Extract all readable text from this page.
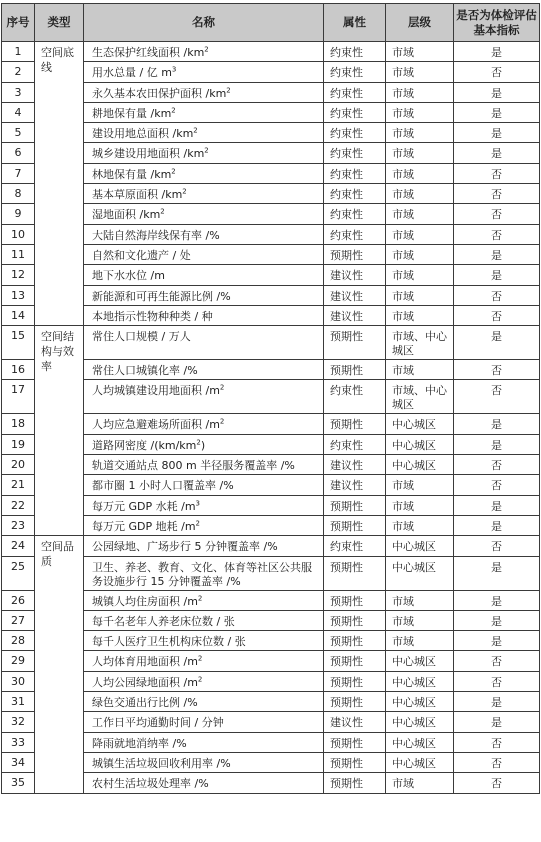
序号	类型	名称	属性	层级	是否为体检评估基本指标
1	空间底线	生态保护红线面积 $/km^2$	约束性	市域	是
2		用水总量 / 亿 $m^3$	约束性	市域	否
3		永久基本农田保护面积 $/km^2$	约束性	市域	是
4		耕地保有量 $/km^2$	约束性	市域	是
5		建设用地总面积 $/km^2$	约束性	市域	是
6		城乡建设用地面积 $/km^2$	约束性	市域	是
7		林地保有量 $/km^2$	约束性	市域	否
8		基本草原面积 $/km^2$	约束性	市域	否
9		湿地面积 $/km^2$	约束性	市域	否
10		大陆自然海岸线保有率 /%	约束性	市域	否
11		自然和文化遗产 / 处	预期性	市域	是
12		地下水水位 /m	建议性	市域	是
13		新能源和可再生能源比例 /%	建议性	市域	否
14		本地指示性物种种类 / 种	建议性	市域	否
15	空间结构与效率	常住人口规模 / 万人	预期性	市域、中心城区	是
16		常住人口城镇化率 /%	预期性	市域	否
17		人均城镇建设用地面积 $/m^2$	约束性	市域、中心城区	否
18		人均应急避难场所面积 $/m^2$	预期性	中心城区	是
19		道路网密度 $/(km/km^2)$	约束性	中心城区	是
20		轨道交通站点 800 m 半径服务覆盖率 /%	建议性	中心城区	否
21		都市圈 1 小时人口覆盖率 /%	建议性	市域	否
22		每万元 GDP 水耗 $/m^3$	预期性	市域	是
23		每万元 GDP 地耗 $/m^2$	预期性	市域	是
24	空间品质	公园绿地、广场步行 5 分钟覆盖率 /%	约束性	中心城区	否
25		卫生、养老、教育、文化、体育等社区公共服务设施步行 15 分钟覆盖率 /%	预期性	中心城区	是
26		城镇人均住房面积 $/m^2$	预期性	市域	是
27		每千名老年人养老床位数 / 张	预期性	市域	是
28		每千人医疗卫生机构床位数 / 张	预期性	市域	是
29		人均体育用地面积 $/m^2$	预期性	中心城区	否
30		人均公园绿地面积 $/m^2$	预期性	中心城区	否
31		绿色交通出行比例 /%	预期性	中心城区	是
32		工作日平均通勤时间 / 分钟	建议性	中心城区	是
33		降雨就地消纳率 /%	预期性	中心城区	否
34		城镇生活垃圾回收利用率 /%	预期性	中心城区	否
35		农村生活垃圾处理率 /%	预期性	市域	否
